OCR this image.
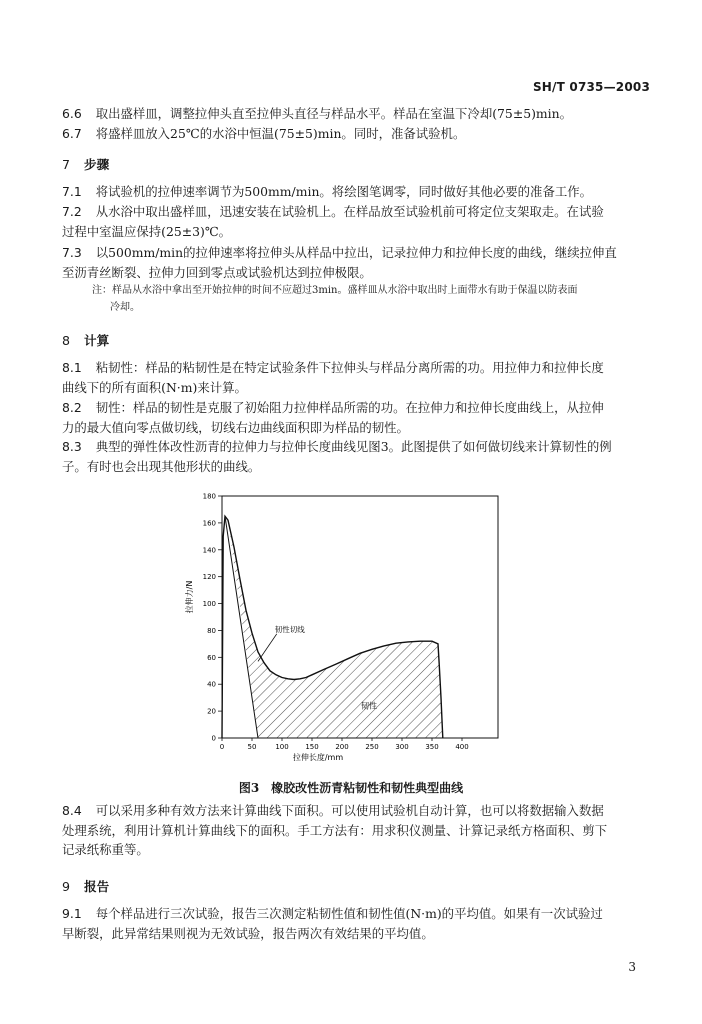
SH/T 0735—2003
6.6 取出盛样皿，调整拉伸头直至拉伸头直径与样品水平。样品在室温下冷却(75±5)min。
6.7 将盛样皿放入25℃的水浴中恒温(75±5)min。同时，准备试验机。
7 步骤
7.1 将试验机的拉伸速率调节为500mm/min。将绘图笔调零，同时做好其他必要的准备工作。
7.2 从水浴中取出盛样皿，迅速安装在试验机上。在样品放至试验机前可将定位支架取走。在试验
过程中室温应保持(25±3)℃。
7.3 以500mm/min的拉伸速率将拉伸头从样品中拉出，记录拉伸力和拉伸长度的曲线，继续拉伸直
至沥青丝断裂、拉伸力回到零点或试验机达到拉伸极限。
注：样品从水浴中拿出至开始拉伸的时间不应超过3min。盛样皿从水浴中取出时上面带水有助于保温以防表面
冷却。
8 计算
8.1 粘韧性：样品的粘韧性是在特定试验条件下拉伸头与样品分离所需的功。用拉伸力和拉伸长度
曲线下的所有面积(N·m)来计算。
8.2 韧性：样品的韧性是克服了初始阻力拉伸样品所需的功。在拉伸力和拉伸长度曲线上，从拉伸
力的最大值向零点做切线，切线右边曲线面积即为样品的韧性。
8.3 典型的弹性体改性沥青的拉伸力与拉伸长度曲线见图3。此图提供了如何做切线来计算韧性的例
子。有时也会出现其他形状的曲线。
0
20
40
60
80
100
120
140
160
180
0	50	100 150 200 250 300 350 400
拉伸力/N
拉伸长度/mm
韧性切线
韧性
图3　橡胶改性沥青粘韧性和韧性典型曲线
8.4 可以采用多种有效方法来计算曲线下面积。可以使用试验机自动计算，也可以将数据输入数据
处理系统，利用计算机计算曲线下的面积。手工方法有：用求积仪测量、计算记录纸方格面积、剪下
记录纸称重等。
9 报告
9.1 每个样品进行三次试验，报告三次测定粘韧性值和韧性值(N·m)的平均值。如果有一次试验过
早断裂，此异常结果则视为无效试验，报告两次有效结果的平均值。
3
